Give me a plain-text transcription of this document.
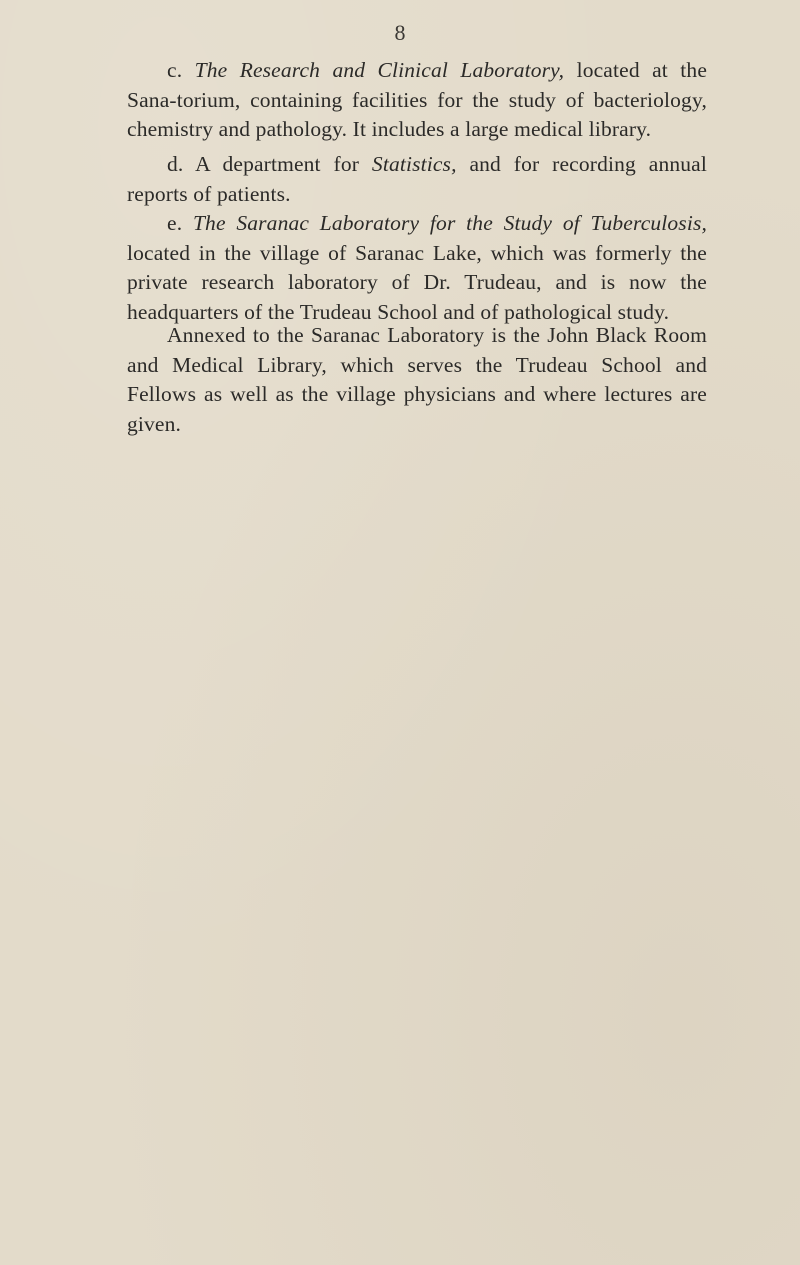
8
c. The Research and Clinical Laboratory, located at the Sana-torium, containing facilities for the study of bacteriology, chemistry and pathology. It includes a large medical library.
d. A department for Statistics, and for recording annual reports of patients.
e. The Saranac Laboratory for the Study of Tuberculosis, located in the village of Saranac Lake, which was formerly the private research laboratory of Dr. Trudeau, and is now the headquarters of the Trudeau School and of pathological study.
Annexed to the Saranac Laboratory is the John Black Room and Medical Library, which serves the Trudeau School and Fellows as well as the village physicians and where lectures are given.
